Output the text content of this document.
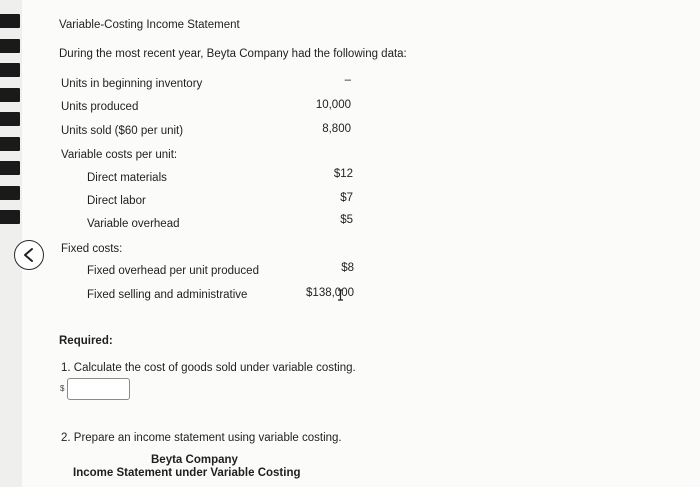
Variable-Costing Income Statement
During the most recent year, Beyta Company had the following data:
Units in beginning inventory	–
Units produced	10,000
Units sold ($60 per unit)	8,800
Variable costs per unit:
Direct materials	$12
Direct labor	$7
Variable overhead	$5
Fixed costs:
Fixed overhead per unit produced	$8
Fixed selling and administrative	$138,000
Required:
1. Calculate the cost of goods sold under variable costing.
$
2. Prepare an income statement using variable costing.
Beyta Company
Income Statement under Variable Costing
